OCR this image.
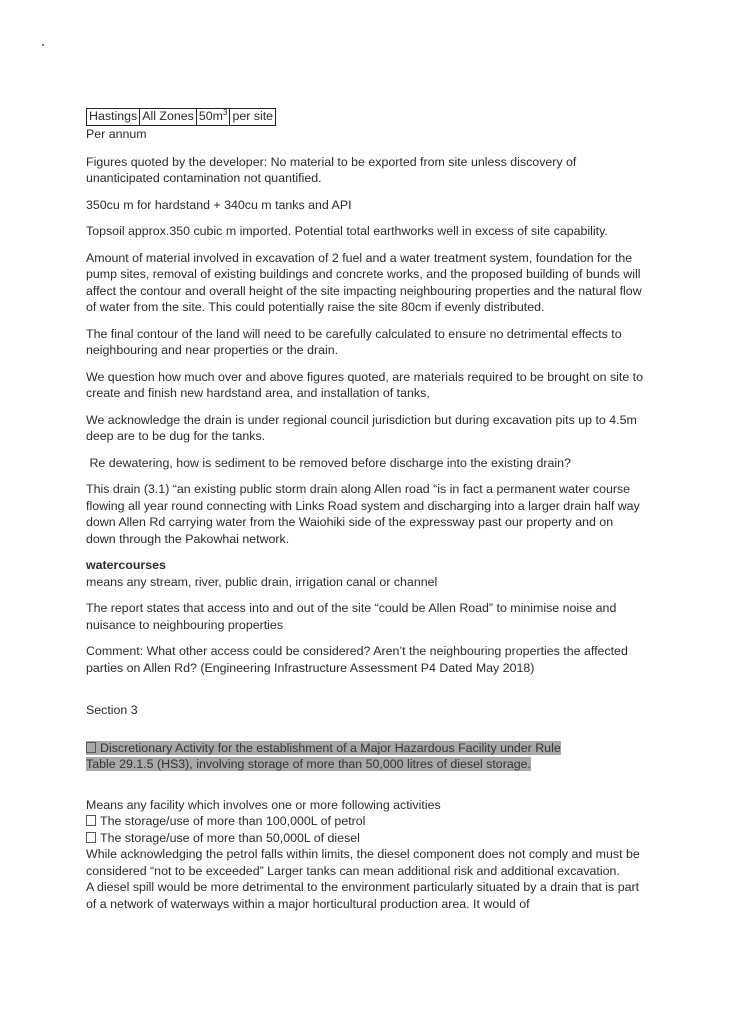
Hastings All Zones $50m^3$ per site

Per annum

Figures quoted by the developer: No material to be exported from site unless discovery of unanticipated contamination not quantified.

350cu m for hardstand + 340cu m tanks and API

Topsoil approx.350 cubic m imported. Potential total earthworks well in excess of site capability.

Amount of material involved in excavation of 2 fuel and a water treatment system, foundation for the pump sites, removal of existing buildings and concrete works, and the proposed building of bunds will affect the contour and overall height of the site impacting neighbouring properties and the natural flow of water from the site. This could potentially raise the site 80cm if evenly distributed.

The final contour of the land will need to be carefully calculated to ensure no detrimental effects to neighbouring and near properties or the drain.

We question how much over and above figures quoted, are materials required to be brought on site to create and finish new hardstand area, and installation of tanks,

We acknowledge the drain is under regional council jurisdiction but during excavation pits up to 4.5m deep are to be dug for the tanks.

Re dewatering, how is sediment to be removed before discharge into the existing drain?

This drain (3.1) “an existing public storm drain along Allen road “is in fact a permanent water course flowing all year round connecting with Links Road system and discharging into a larger drain half way down Allen Rd carrying water from the Waiohiki side of the expressway past our property and on down through the Pakowhai network.

watercourses

means any stream, river, public drain, irrigation canal or channel

The report states that access into and out of the site “could be Allen Road” to minimise noise and nuisance to neighbouring properties

Comment: What other access could be considered? Aren’t the neighbouring properties the affected parties on Allen Rd? (Engineering Infrastructure Assessment P4 Dated May 2018)

Section 3

Discretionary Activity for the establishment of a Major Hazardous Facility under Rule
Table 29.1.5 (HS3), involving storage of more than 50,000 litres of diesel storage.

Means any facility which involves one or more following activities

The storage/use of more than 100,000L of petrol

The storage/use of more than 50,000L of diesel

While acknowledging the petrol falls within limits, the diesel component does not comply and must be considered “not to be exceeded” Larger tanks can mean additional risk and additional excavation.

A diesel spill would be more detrimental to the environment particularly situated by a drain that is part of a network of waterways within a major horticultural production area. It would of
